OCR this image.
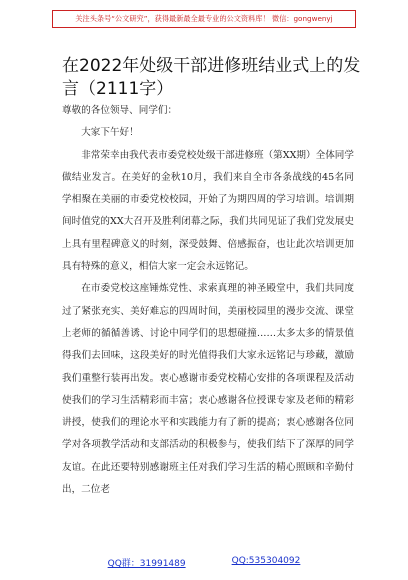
关注头条号“公文研究”，获得最新最全最专业的公文资料库！ 微信：gongwenyj
在2022年处级干部进修班结业式上的发言（2111字）

尊敬的各位领导、同学们：

大家下午好！

非常荣幸由我代表市委党校处级干部进修班（第XX期）全体同学做结业发言。在美好的金秋10月，我们来自全市各条战线的45名同学相聚在美丽的市委党校校园，开始了为期四周的学习培训。培训期间时值党的XX大召开及胜利闭幕之际，我们共同见证了我们党发展史上具有里程碑意义的时刻，深受鼓舞、倍感振奋，也让此次培训更加具有特殊的意义，相信大家一定会永远铭记。

在市委党校这座锤炼党性、求索真理的神圣殿堂中，我们共同度过了紧张充实、美好难忘的四周时间，美丽校园里的漫步交流、课堂上老师的循循善诱、讨论中同学们的思想碰撞……太多太多的情景值得我们去回味，这段美好的时光值得我们大家永远铭记与珍藏，激励我们重整行装再出发。衷心感谢市委党校精心安排的各项课程及活动使我们的学习生活精彩而丰富；衷心感谢各位授课专家及老师的精彩讲授，使我们的理论水平和实践能力有了新的提高；衷心感谢各位同学对各项教学活动和支部活动的积极参与，使我们结下了深厚的同学友谊。在此还要特别感谢班主任对我们学习生活的精心照顾和辛勤付出，二位老

QQ群：31991489	QQ:535304092
